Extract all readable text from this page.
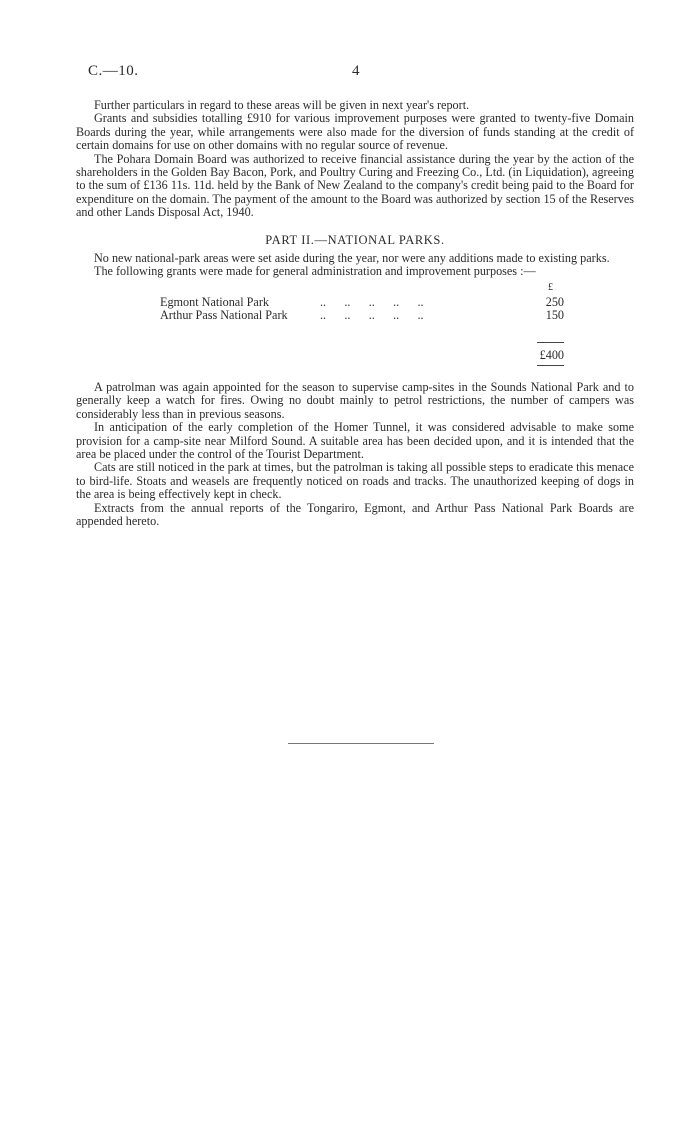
C.—10.	4

Further particulars in regard to these areas will be given in next year's report.

Grants and subsidies totalling £910 for various improvement purposes were granted to twenty-five Domain Boards during the year, while arrangements were also made for the diversion of funds standing at the credit of certain domains for use on other domains with no regular source of revenue.

The Pohara Domain Board was authorized to receive financial assistance during the year by the action of the shareholders in the Golden Bay Bacon, Pork, and Poultry Curing and Freezing Co., Ltd. (in Liquidation), agreeing to the sum of £136 11s. 11d. held by the Bank of New Zealand to the company's credit being paid to the Board for expenditure on the domain. The payment of the amount to the Board was authorized by section 15 of the Reserves and other Lands Disposal Act, 1940.

PART II.—NATIONAL PARKS.

No new national-park areas were set aside during the year, nor were any additions made to existing parks.

The following grants were made for general administration and improvement purposes :—

£
Egmont National Park	..      ..      ..      ..      ..	250
Arthur Pass National Park	..      ..      ..      ..      ..	150
£400

A patrolman was again appointed for the season to supervise camp-sites in the Sounds National Park and to generally keep a watch for fires. Owing no doubt mainly to petrol restrictions, the number of campers was considerably less than in previous seasons.

In anticipation of the early completion of the Homer Tunnel, it was considered advisable to make some provision for a camp-site near Milford Sound. A suitable area has been decided upon, and it is intended that the area be placed under the control of the Tourist Department.

Cats are still noticed in the park at times, but the patrolman is taking all possible steps to eradicate this menace to bird-life. Stoats and weasels are frequently noticed on roads and tracks. The unauthorized keeping of dogs in the area is being effectively kept in check.

Extracts from the annual reports of the Tongariro, Egmont, and Arthur Pass National Park Boards are appended hereto.
